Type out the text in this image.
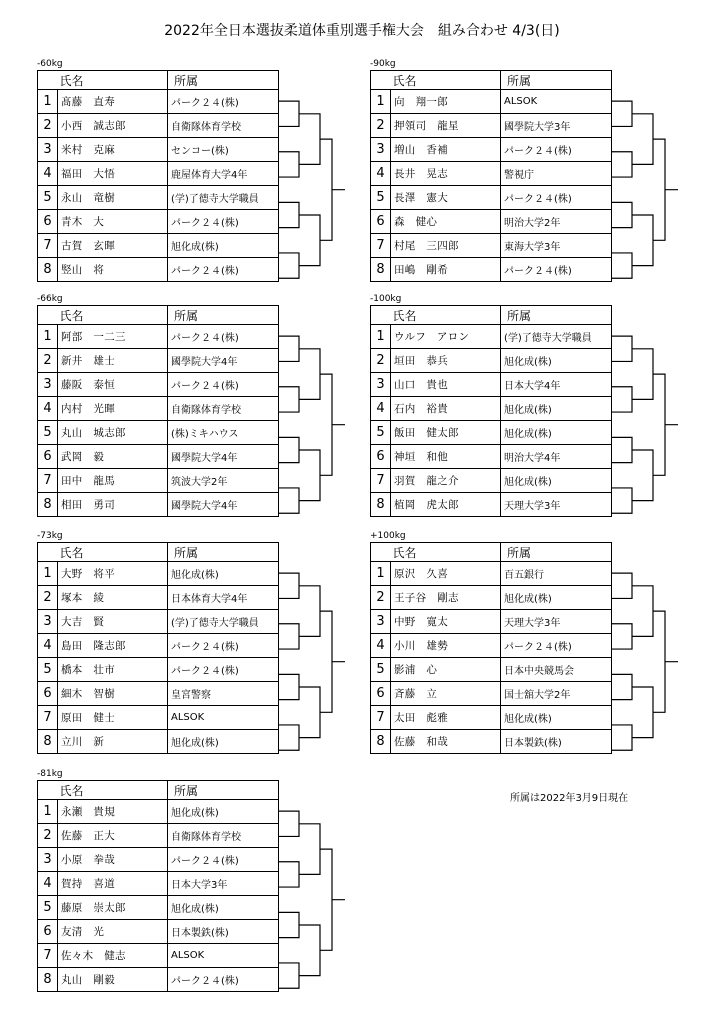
2022年全日本選抜柔道体重別選手権大会　組み合わせ 4/3(日)
-60kg
	氏名	所属
1	髙藤　直寿	パーク２４(株)
2	小西　誠志郎	自衛隊体育学校
3	米村　克麻	センコー(株)
4	福田　大悟	鹿屋体育大学4年
5	永山　竜樹	(学)了德寺大学職員
6	青木　大	パーク２４(株)
7	古賀　玄暉	旭化成(株)
8	竪山　将	パーク２４(株)
-66kg
	氏名	所属
1	阿部　一二三	パーク２４(株)
2	新井　雄士	國學院大学4年
3	藤阪　泰恒	パーク２４(株)
4	内村　光暉	自衛隊体育学校
5	丸山　城志郎	(株)ミキハウス
6	武岡　毅	國學院大学4年
7	田中　龍馬	筑波大学2年
8	相田　勇司	國學院大学4年
-73kg
	氏名	所属
1	大野　将平	旭化成(株)
2	塚本　綾	日本体育大学4年
3	大吉　賢	(学)了德寺大学職員
4	島田　隆志郎	パーク２４(株)
5	橋本　壮市	パーク２４(株)
6	細木　智樹	皇宮警察
7	原田　健士	ALSOK
8	立川　新	旭化成(株)
-81kg
	氏名	所属
1	永瀬　貴規	旭化成(株)
2	佐藤　正大	自衛隊体育学校
3	小原　拳哉	パーク２４(株)
4	賀持　喜道	日本大学3年
5	藤原　崇太郎	旭化成(株)
6	友清　光	日本製鉄(株)
7	佐々木　健志	ALSOK
8	丸山　剛毅	パーク２４(株)
-90kg
	氏名	所属
1	向　翔一郎	ALSOK
2	押領司　龍星	國學院大学3年
3	増山　香補	パーク２４(株)
4	長井　晃志	警視庁
5	長澤　憲大	パーク２４(株)
6	森　健心	明治大学2年
7	村尾　三四郎	東海大学3年
8	田嶋　剛希	パーク２４(株)
-100kg
	氏名	所属
1	ウルフ　アロン	(学)了德寺大学職員
2	垣田　恭兵	旭化成(株)
3	山口　貴也	日本大学4年
4	石内　裕貴	旭化成(株)
5	飯田　健太郎	旭化成(株)
6	神垣　和他	明治大学4年
7	羽賀　龍之介	旭化成(株)
8	植岡　虎太郎	天理大学3年
+100kg
	氏名	所属
1	原沢　久喜	百五銀行
2	王子谷　剛志	旭化成(株)
3	中野　寛太	天理大学3年
4	小川　雄勢	パーク２４(株)
5	影浦　心	日本中央競馬会
6	斉藤　立	国士舘大学2年
7	太田　彪雅	旭化成(株)
8	佐藤　和哉	日本製鉄(株)
所属は2022年3月9日現在
